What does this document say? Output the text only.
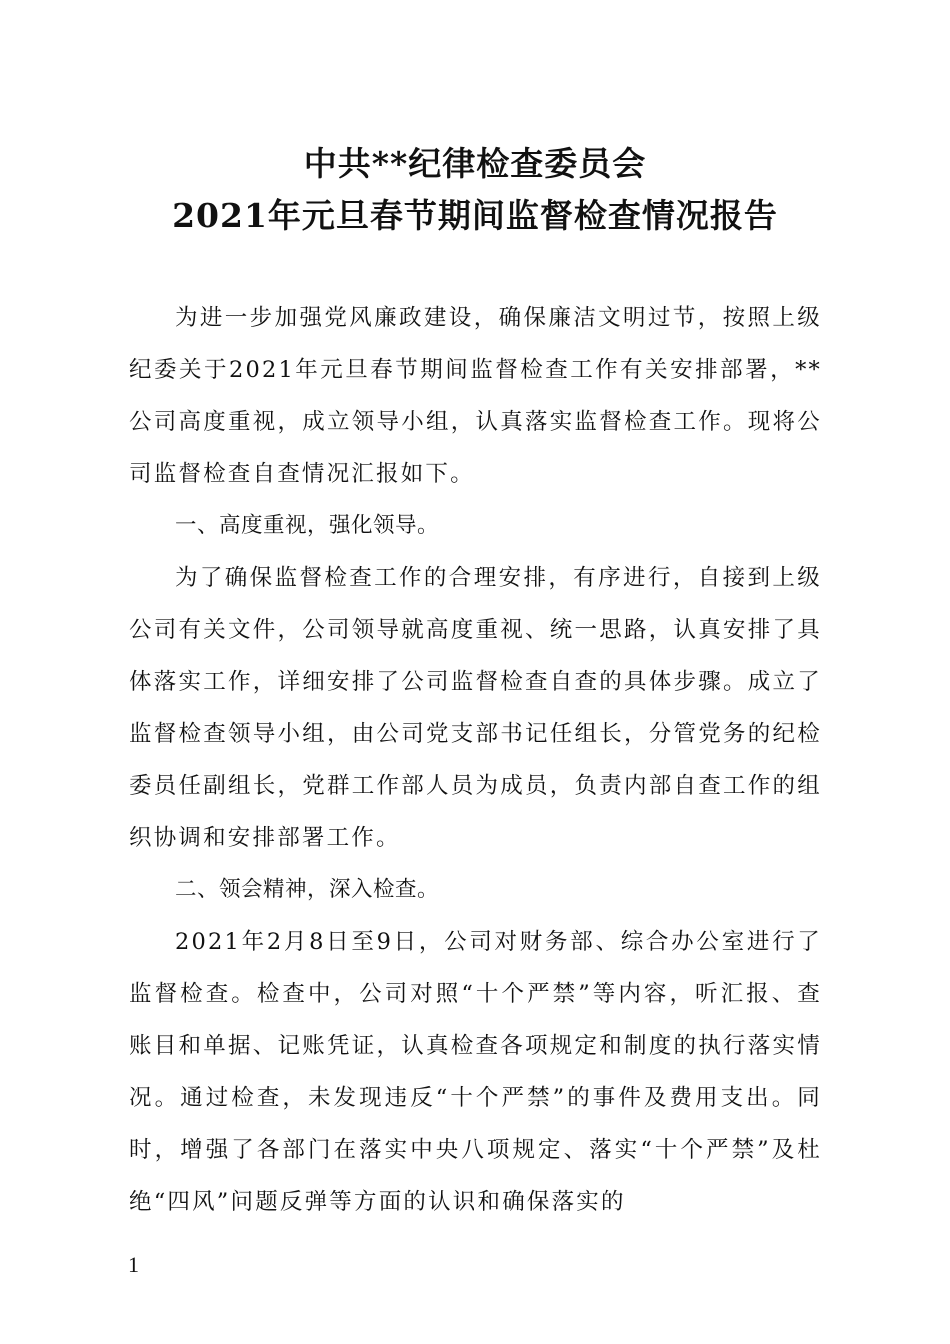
中共**纪律检查委员会
2021年元旦春节期间监督检查情况报告

为进一步加强党风廉政建设，确保廉洁文明过节，按照上级纪委关于2021年元旦春节期间监督检查工作有关安排部署，**公司高度重视，成立领导小组，认真落实监督检查工作。现将公司监督检查自查情况汇报如下。

一、高度重视，强化领导。

为了确保监督检查工作的合理安排，有序进行，自接到上级公司有关文件，公司领导就高度重视、统一思路，认真安排了具体落实工作，详细安排了公司监督检查自查的具体步骤。成立了监督检查领导小组，由公司党支部书记任组长，分管党务的纪检委员任副组长，党群工作部人员为成员，负责内部自查工作的组织协调和安排部署工作。

二、领会精神，深入检查。

2021年2月8日至9日，公司对财务部、综合办公室进行了监督检查。检查中，公司对照“十个严禁”等内容，听汇报、查账目和单据、记账凭证，认真检查各项规定和制度的执行落实情况。通过检查，未发现违反“十个严禁”的事件及费用支出。同时，增强了各部门在落实中央八项规定、落实“十个严禁”及杜绝“四风”问题反弹等方面的认识和确保落实的

1
